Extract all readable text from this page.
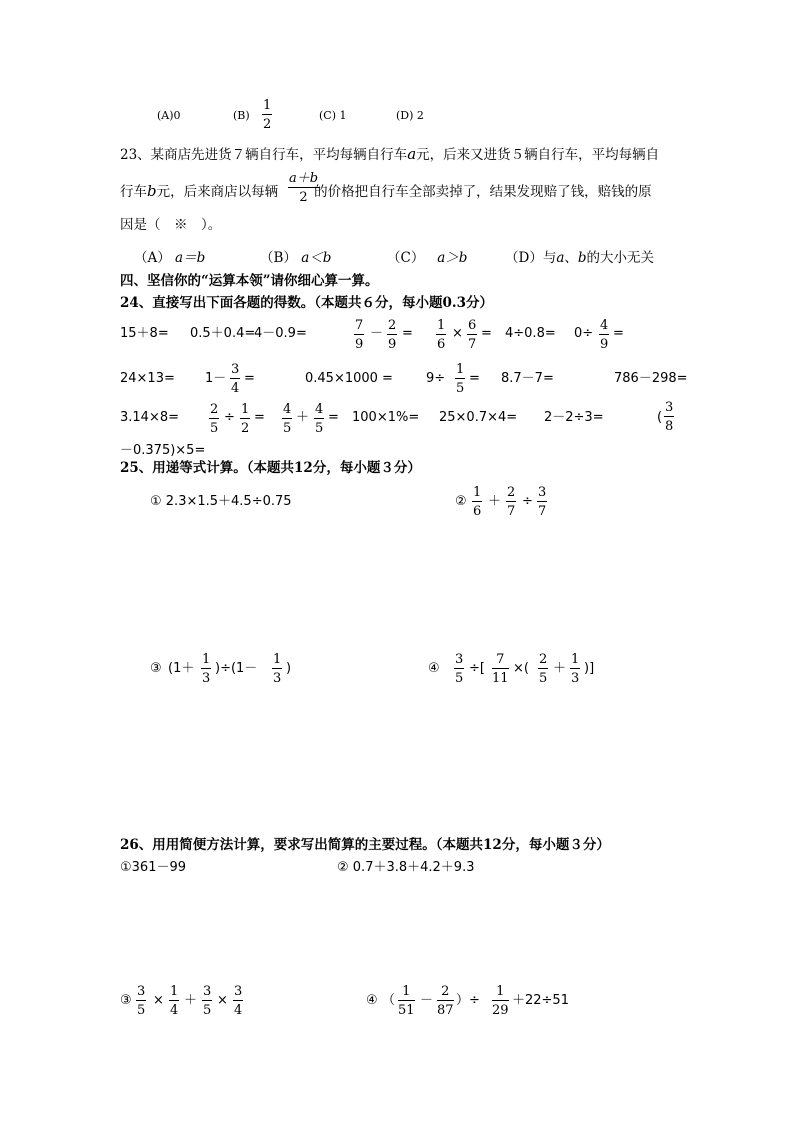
(A)0	$(B) \frac{1}{2}$	(C) 1	(D) 2
23、某商店先进货７辆自行车，平均每辆自行车a元，后来又进货５辆自行车，平均每辆自
行车b元，后来商店以每辆	的价格把自行车全部卖掉了，结果发现赔了钱，赔钱的原
$\frac{a+b}{2}$
因是（　※　）。
（A） a＝b	（B） a＜b	（C） a＞b	（D）与a、b的大小无关
四、坚信你的“运算本领”请你细心算一算。
24、直接写出下面各题的得数。（本题共６分，每小题0.3分）
15＋8= 0.5＋0.4=
4－0.9=	$\frac{7}{9} - \frac{2}{9} = \frac{1}{6} \times \frac{6}{7} = 4\div 0.8= 0\div \frac{4}{9}$ =
$24\times 13= 1- \frac{3}{4}$ =	0.45×1000 =	$9\div \frac{1}{5} = 8.7-7=$	786－298=
$3.14\times 8= \frac{2}{5} \div \frac{1}{2} = \frac{4}{5} + \frac{4}{5} = 100\times 1\%= 25\times 0.7\times 4= 2-2\div 3=$	( $\frac{3}{8}$
－0.375)×5=
25、用递等式计算。（本题共12分，每小题３分）
① 2.3×1.5＋4.5÷0.75	② $\frac{1}{6} + \frac{2}{7} \div \frac{3}{7}$
③ $(1+ \frac{1}{3} )\div(1- \frac{1}{3}$ )	④ $\frac{3}{5}$ ÷[ $\frac{7}{11}$ ×( $\frac{2}{5} + \frac{1}{3}$ )]
26、用用简便方法计算，要求写出简算的主要过程。（本题共12分，每小题３分）
①361－99	② 0.7＋3.8＋4.2＋9.3
③ $\frac{3}{5} \times \frac{1}{4} + \frac{3}{5} \times \frac{3}{4}$	④ （ $\frac{1}{51} - \frac{2}{87}$ ）÷ $\frac{1}{29} +22\div 51$
